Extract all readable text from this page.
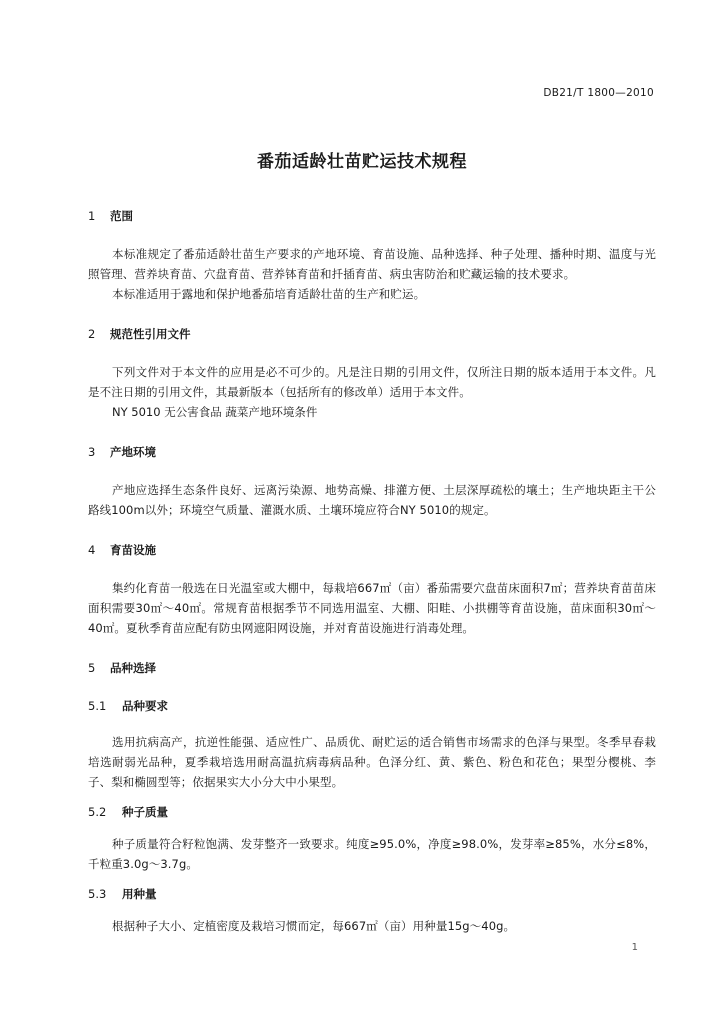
DB21/T 1800—2010
番茄适龄壮苗贮运技术规程
1 范围

本标准规定了番茄适龄壮苗生产要求的产地环境、育苗设施、品种选择、种子处理、播种时期、温度与光照管理、营养块育苗、穴盘育苗、营养钵育苗和扦插育苗、病虫害防治和贮藏运输的技术要求。

本标准适用于露地和保护地番茄培育适龄壮苗的生产和贮运。

2 规范性引用文件

下列文件对于本文件的应用是必不可少的。凡是注日期的引用文件，仅所注日期的版本适用于本文件。凡是不注日期的引用文件，其最新版本（包括所有的修改单）适用于本文件。

NY 5010 无公害食品 蔬菜产地环境条件

3 产地环境

产地应选择生态条件良好、远离污染源、地势高燥、排灌方便、土层深厚疏松的壤土；生产地块距主干公路线100m以外；环境空气质量、灌溉水质、土壤环境应符合NY 5010的规定。

4 育苗设施

集约化育苗一般选在日光温室或大棚中，每栽培667㎡（亩）番茄需要穴盘苗床面积7㎡；营养块育苗苗床面积需要30㎡～40㎡。常规育苗根据季节不同选用温室、大棚、阳畦、小拱棚等育苗设施，苗床面积30㎡～40㎡。夏秋季育苗应配有防虫网遮阳网设施，并对育苗设施进行消毒处理。

5 品种选择
5.1 品种要求

选用抗病高产，抗逆性能强、适应性广、品质优、耐贮运的适合销售市场需求的色泽与果型。冬季早春栽培选耐弱光品种，夏季栽培选用耐高温抗病毒病品种。色泽分红、黄、紫色、粉色和花色；果型分樱桃、李子、梨和椭圆型等；依据果实大小分大中小果型。

5.2 种子质量

种子质量符合籽粒饱满、发芽整齐一致要求。纯度≥95.0%，净度≥98.0%，发芽率≥85%，水分≤8%，千粒重3.0g～3.7g。

5.3 用种量

根据种子大小、定植密度及栽培习惯而定，每667㎡（亩）用种量15g～40g。

1
